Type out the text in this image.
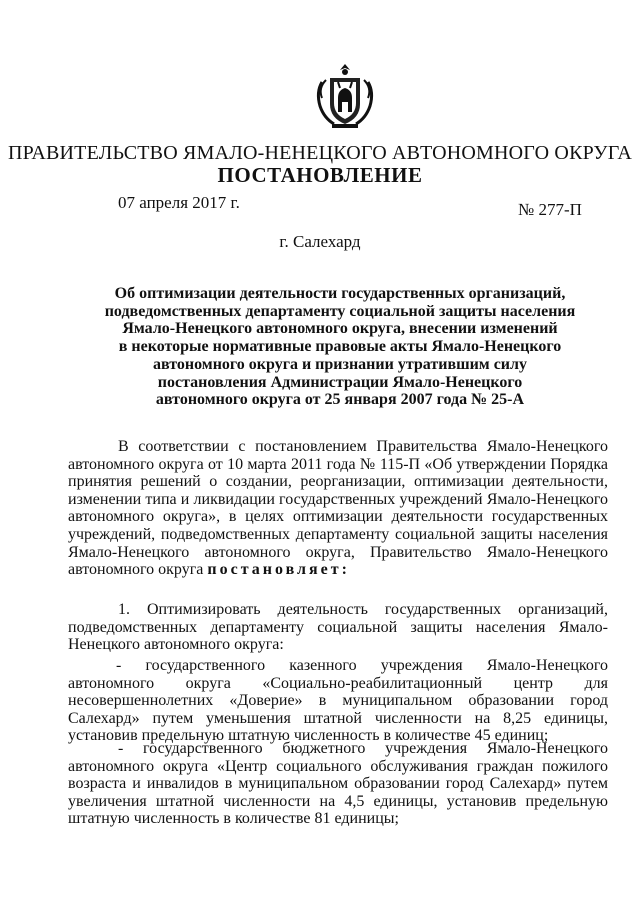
ПРАВИТЕЛЬСТВО ЯМАЛО-НЕНЕЦКОГО АВТОНОМНОГО ОКРУГА
ПОСТАНОВЛЕНИЕ
07 апреля 2017 г.	№ 277-П
г. Салехард
Об оптимизации деятельности государственных организаций,
подведомственных департаменту социальной защиты населения
Ямало-Ненецкого автономного округа, внесении изменений
в некоторые нормативные правовые акты Ямало-Ненецкого
автономного округа и признании утратившим силу
постановления Администрации Ямало-Ненецкого
автономного округа от 25 января 2007 года № 25-А
В соответствии с постановлением Правительства Ямало-Ненецкого автономного округа от 10 марта 2011 года № 115-П «Об утверждении Порядка принятия решений о создании, реорганизации, оптимизации деятельности, изменении типа и ликвидации государственных учреждений Ямало-Ненецкого автономного округа», в целях оптимизации деятельности государственных учреждений, подведомственных департаменту социальной защиты населения Ямало-Ненецкого автономного округа, Правительство Ямало-Ненецкого автономного округа постановляет:
1. Оптимизировать деятельность государственных организаций, подведомственных департаменту социальной защиты населения Ямало-Ненецкого автономного округа:
- государственного казенного учреждения Ямало-Ненецкого автономного округа «Социально-реабилитационный центр для несовершеннолетних «Доверие» в муниципальном образовании город Салехард» путем уменьшения штатной численности на 8,25 единицы, установив предельную штатную численность в количестве 45 единиц;
- государственного бюджетного учреждения Ямало-Ненецкого автономного округа «Центр социального обслуживания граждан пожилого возраста и инвалидов в муниципальном образовании город Салехард» путем увеличения штатной численности на 4,5 единицы, установив предельную штатную численность в количестве 81 единицы;
